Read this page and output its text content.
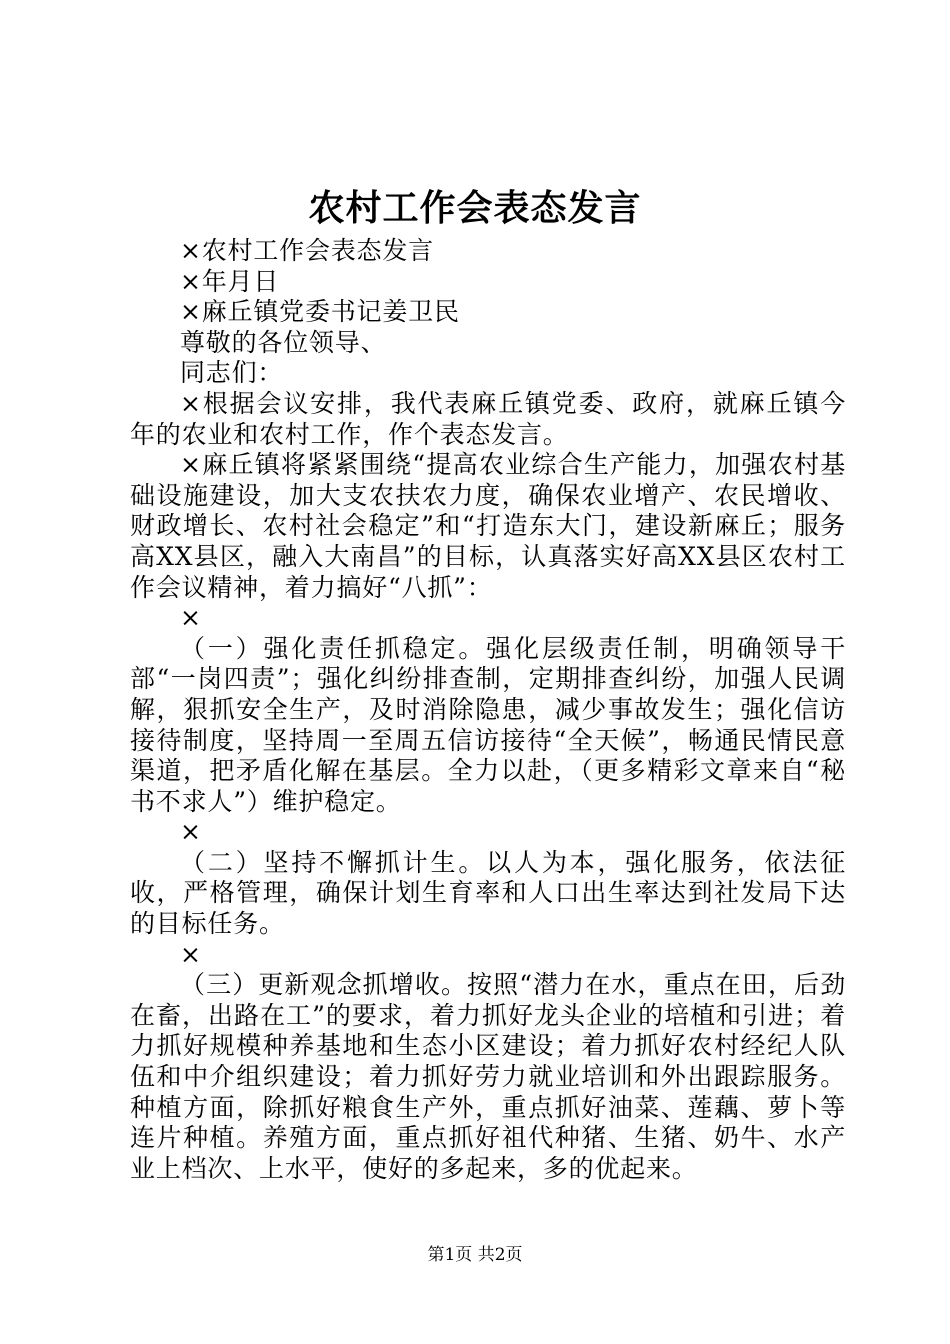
农村工作会表态发言

×农村工作会表态发言

×年月日

×麻丘镇党委书记姜卫民

尊敬的各位领导、

同志们：

×根据会议安排，我代表麻丘镇党委、政府，就麻丘镇今年的农业和农村工作，作个表态发言。

×麻丘镇将紧紧围绕“提高农业综合生产能力，加强农村基础设施建设，加大支农扶农力度，确保农业增产、农民增收、财政增长、农村社会稳定”和“打造东大门，建设新麻丘；服务高XX县区，融入大南昌”的目标，认真落实好高XX县区农村工作会议精神，着力搞好“八抓”：

×

（一）强化责任抓稳定。强化层级责任制，明确领导干部“一岗四责”；强化纠纷排查制，定期排查纠纷，加强人民调解，狠抓安全生产，及时消除隐患，减少事故发生；强化信访接待制度，坚持周一至周五信访接待“全天候”，畅通民情民意渠道，把矛盾化解在基层。全力以赴，（更多精彩文章来自“秘书不求人”）维护稳定。

×

（二）坚持不懈抓计生。以人为本，强化服务，依法征收，严格管理，确保计划生育率和人口出生率达到社发局下达的目标任务。

×

（三）更新观念抓增收。按照“潜力在水，重点在田，后劲在畜，出路在工”的要求，着力抓好龙头企业的培植和引进；着力抓好规模种养基地和生态小区建设；着力抓好农村经纪人队伍和中介组织建设；着力抓好劳力就业培训和外出跟踪服务。种植方面，除抓好粮食生产外，重点抓好油菜、莲藕、萝卜等连片种植。养殖方面，重点抓好祖代种猪、生猪、奶牛、水产业上档次、上水平，使好的多起来，多的优起来。

第1页 共2页
